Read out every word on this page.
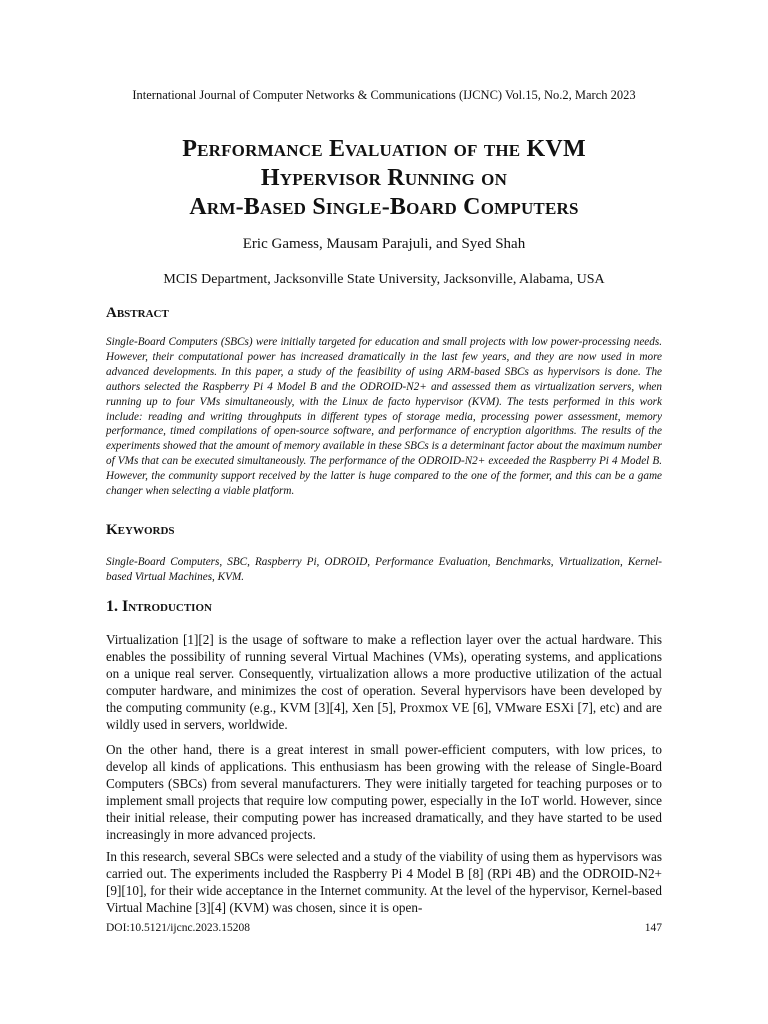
International Journal of Computer Networks & Communications (IJCNC) Vol.15, No.2, March 2023
Performance Evaluation of the KVM
Hypervisor Running on
Arm-Based Single-Board Computers
Eric Gamess, Mausam Parajuli, and Syed Shah
MCIS Department, Jacksonville State University, Jacksonville, Alabama, USA
Abstract
Single-Board Computers (SBCs) were initially targeted for education and small projects with low power-processing needs. However, their computational power has increased dramatically in the last few years, and they are now used in more advanced developments. In this paper, a study of the feasibility of using ARM-based SBCs as hypervisors is done. The authors selected the Raspberry Pi 4 Model B and the ODROID-N2+ and assessed them as virtualization servers, when running up to four VMs simultaneously, with the Linux de facto hypervisor (KVM). The tests performed in this work include: reading and writing throughputs in different types of storage media, processing power assessment, memory performance, timed compilations of open-source software, and performance of encryption algorithms. The results of the experiments showed that the amount of memory available in these SBCs is a determinant factor about the maximum number of VMs that can be executed simultaneously. The performance of the ODROID-N2+ exceeded the Raspberry Pi 4 Model B. However, the community support received by the latter is huge compared to the one of the former, and this can be a game changer when selecting a viable platform.
Keywords
Single-Board Computers, SBC, Raspberry Pi, ODROID, Performance Evaluation, Benchmarks, Virtualization, Kernel-based Virtual Machines, KVM.
1. Introduction
Virtualization [1][2] is the usage of software to make a reflection layer over the actual hardware. This enables the possibility of running several Virtual Machines (VMs), operating systems, and applications on a unique real server. Consequently, virtualization allows a more productive utilization of the actual computer hardware, and minimizes the cost of operation. Several hypervisors have been developed by the computing community (e.g., KVM [3][4], Xen [5], Proxmox VE [6], VMware ESXi [7], etc) and are wildly used in servers, worldwide.
On the other hand, there is a great interest in small power-efficient computers, with low prices, to develop all kinds of applications. This enthusiasm has been growing with the release of Single-Board Computers (SBCs) from several manufacturers. They were initially targeted for teaching purposes or to implement small projects that require low computing power, especially in the IoT world. However, since their initial release, their computing power has increased dramatically, and they have started to be used increasingly in more advanced projects.
In this research, several SBCs were selected and a study of the viability of using them as hypervisors was carried out. The experiments included the Raspberry Pi 4 Model B [8] (RPi 4B) and the ODROID-N2+ [9][10], for their wide acceptance in the Internet community. At the level of the hypervisor, Kernel-based Virtual Machine [3][4] (KVM) was chosen, since it is open-
DOI:10.5121/ijcnc.2023.15208	147
